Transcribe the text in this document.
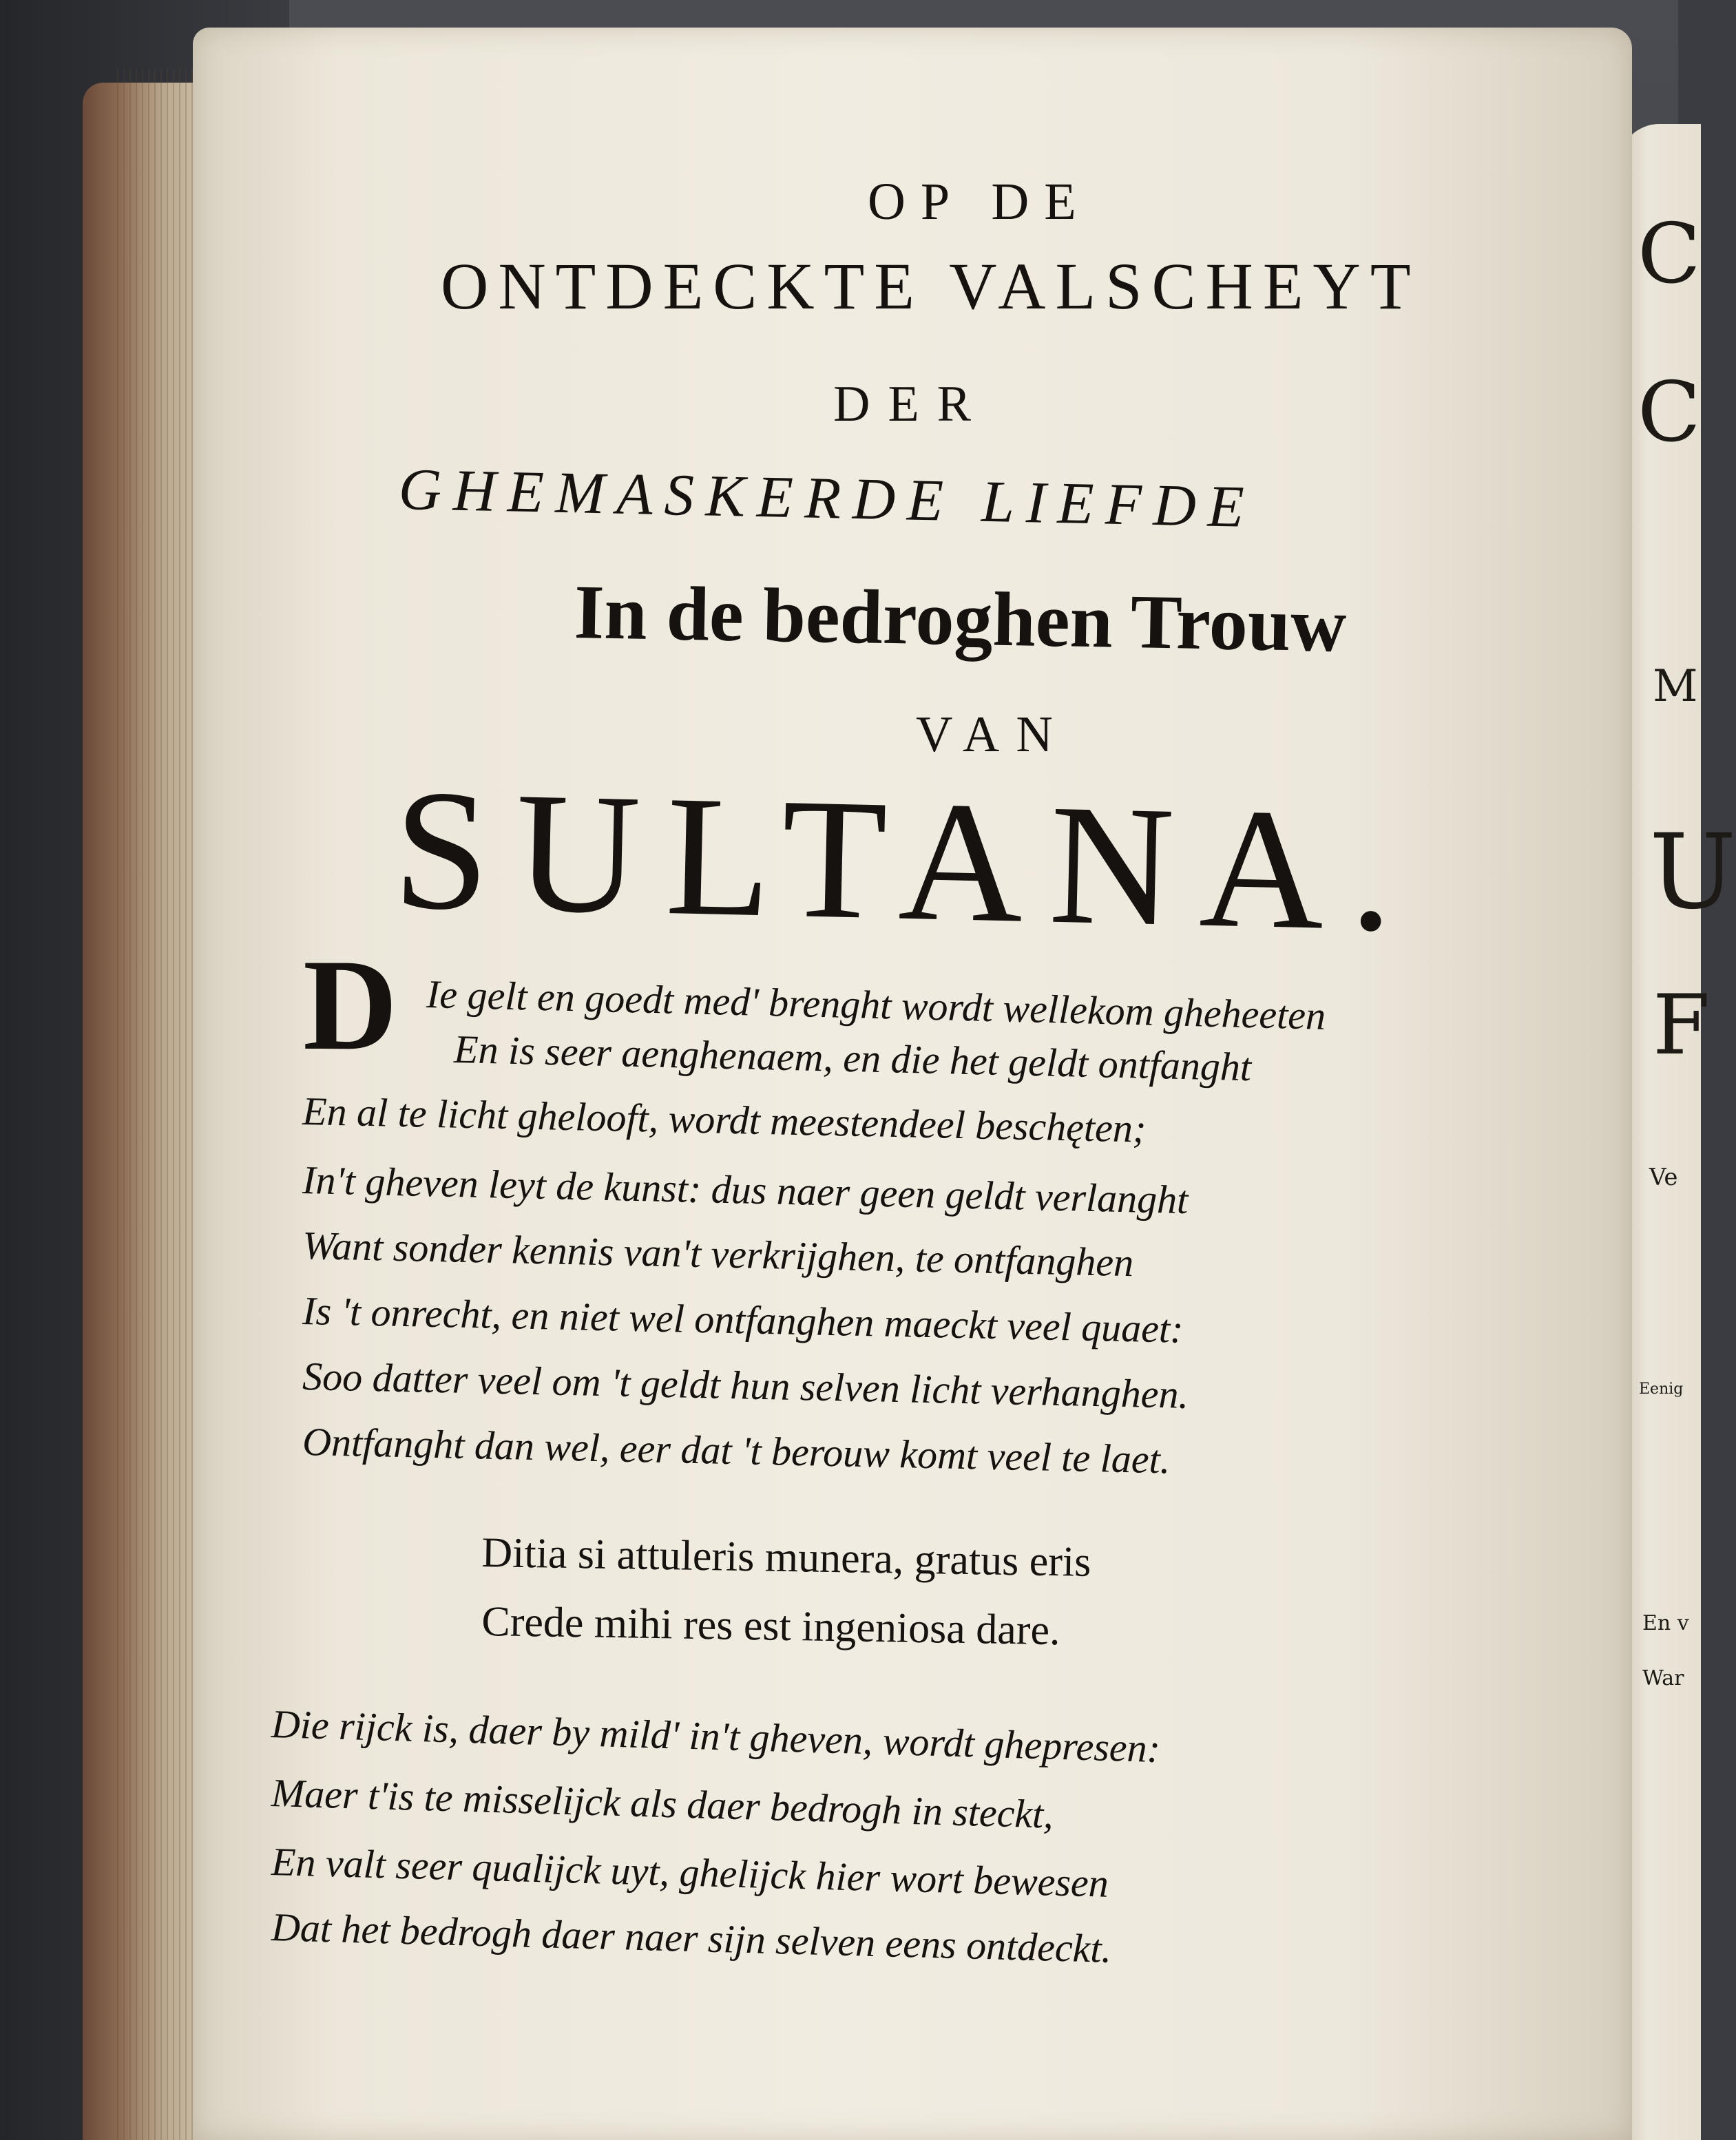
C
C
M
U
F
Ve
Eenig
En v
War
OP DE
ONTDECKTE VALSCHEYT
DER
GHEMASKERDE LIEFDE
In de bedroghen Trouw
VAN
SULTANA.
D Ie gelt en goedt med' brenght wordt wellekom gheheeten
En is seer aenghenaem, en die het geldt ontfanght
En al te licht ghelooft, wordt meestendeel beschęten;
In't gheven leyt de kunst: dus naer geen geldt verlanght
Want sonder kennis van't verkrijghen, te ontfanghen
Is 't onrecht, en niet wel ontfanghen maeckt veel quaet:
Soo datter veel om 't geldt hun selven licht verhanghen.
Ontfanght dan wel, eer dat 't berouw komt veel te laet.
Ditia si attuleris munera, gratus eris
Crede mihi res est ingeniosa dare.
Die rijck is, daer by mild' in't gheven, wordt ghepresen:
Maer t'is te misselijck als daer bedrogh in steckt,
En valt seer qualijck uyt, ghelijck hier wort bewesen
Dat het bedrogh daer naer sijn selven eens ontdeckt.
